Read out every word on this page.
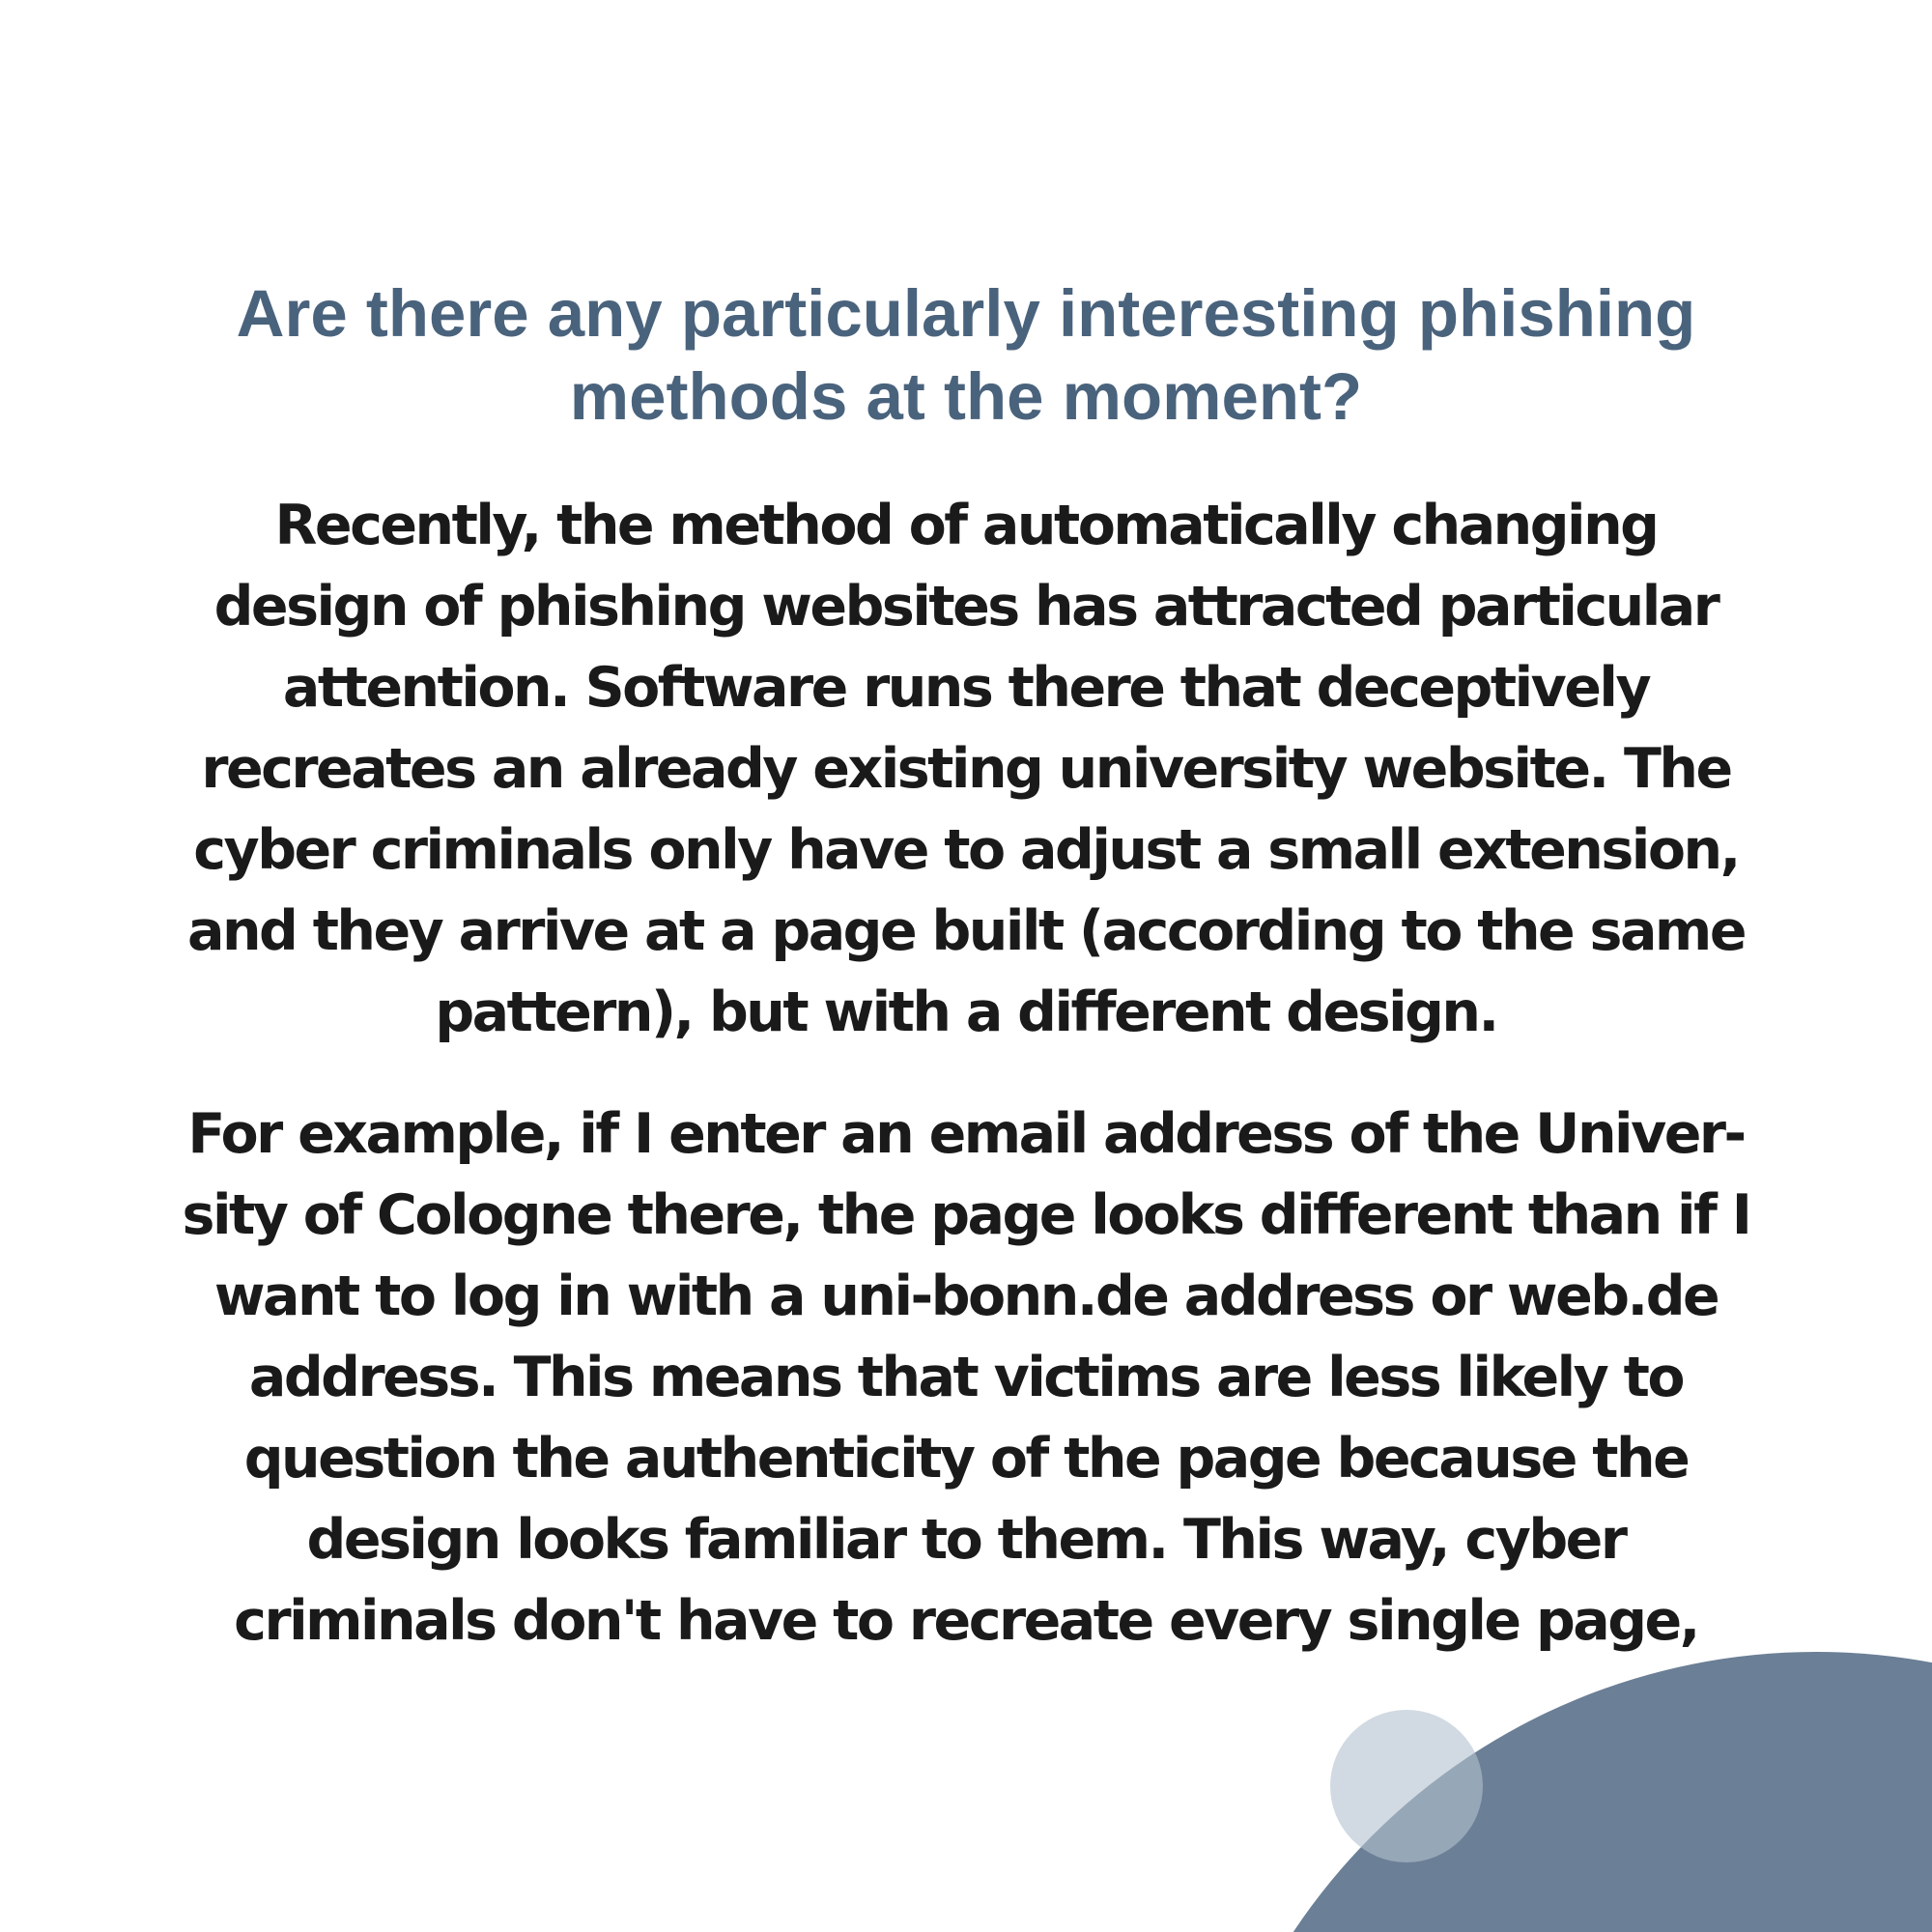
Are there any particularly interesting phishing
methods at the moment?

Recently, the method of automatically changing
design of phishing websites has attracted particular
attention. Software runs there that deceptively
recreates an already existing university website. The
cyber criminals only have to adjust a small extension,
and they arrive at a page built (according to the same
pattern), but with a different design.

For example, if I enter an email address of the Univer-
sity of Cologne there, the page looks different than if I
want to log in with a uni-bonn.de address or web.de
address. This means that victims are less likely to
question the authenticity of the page because the
design looks familiar to them. This way, cyber
criminals don't have to recreate every single page,
